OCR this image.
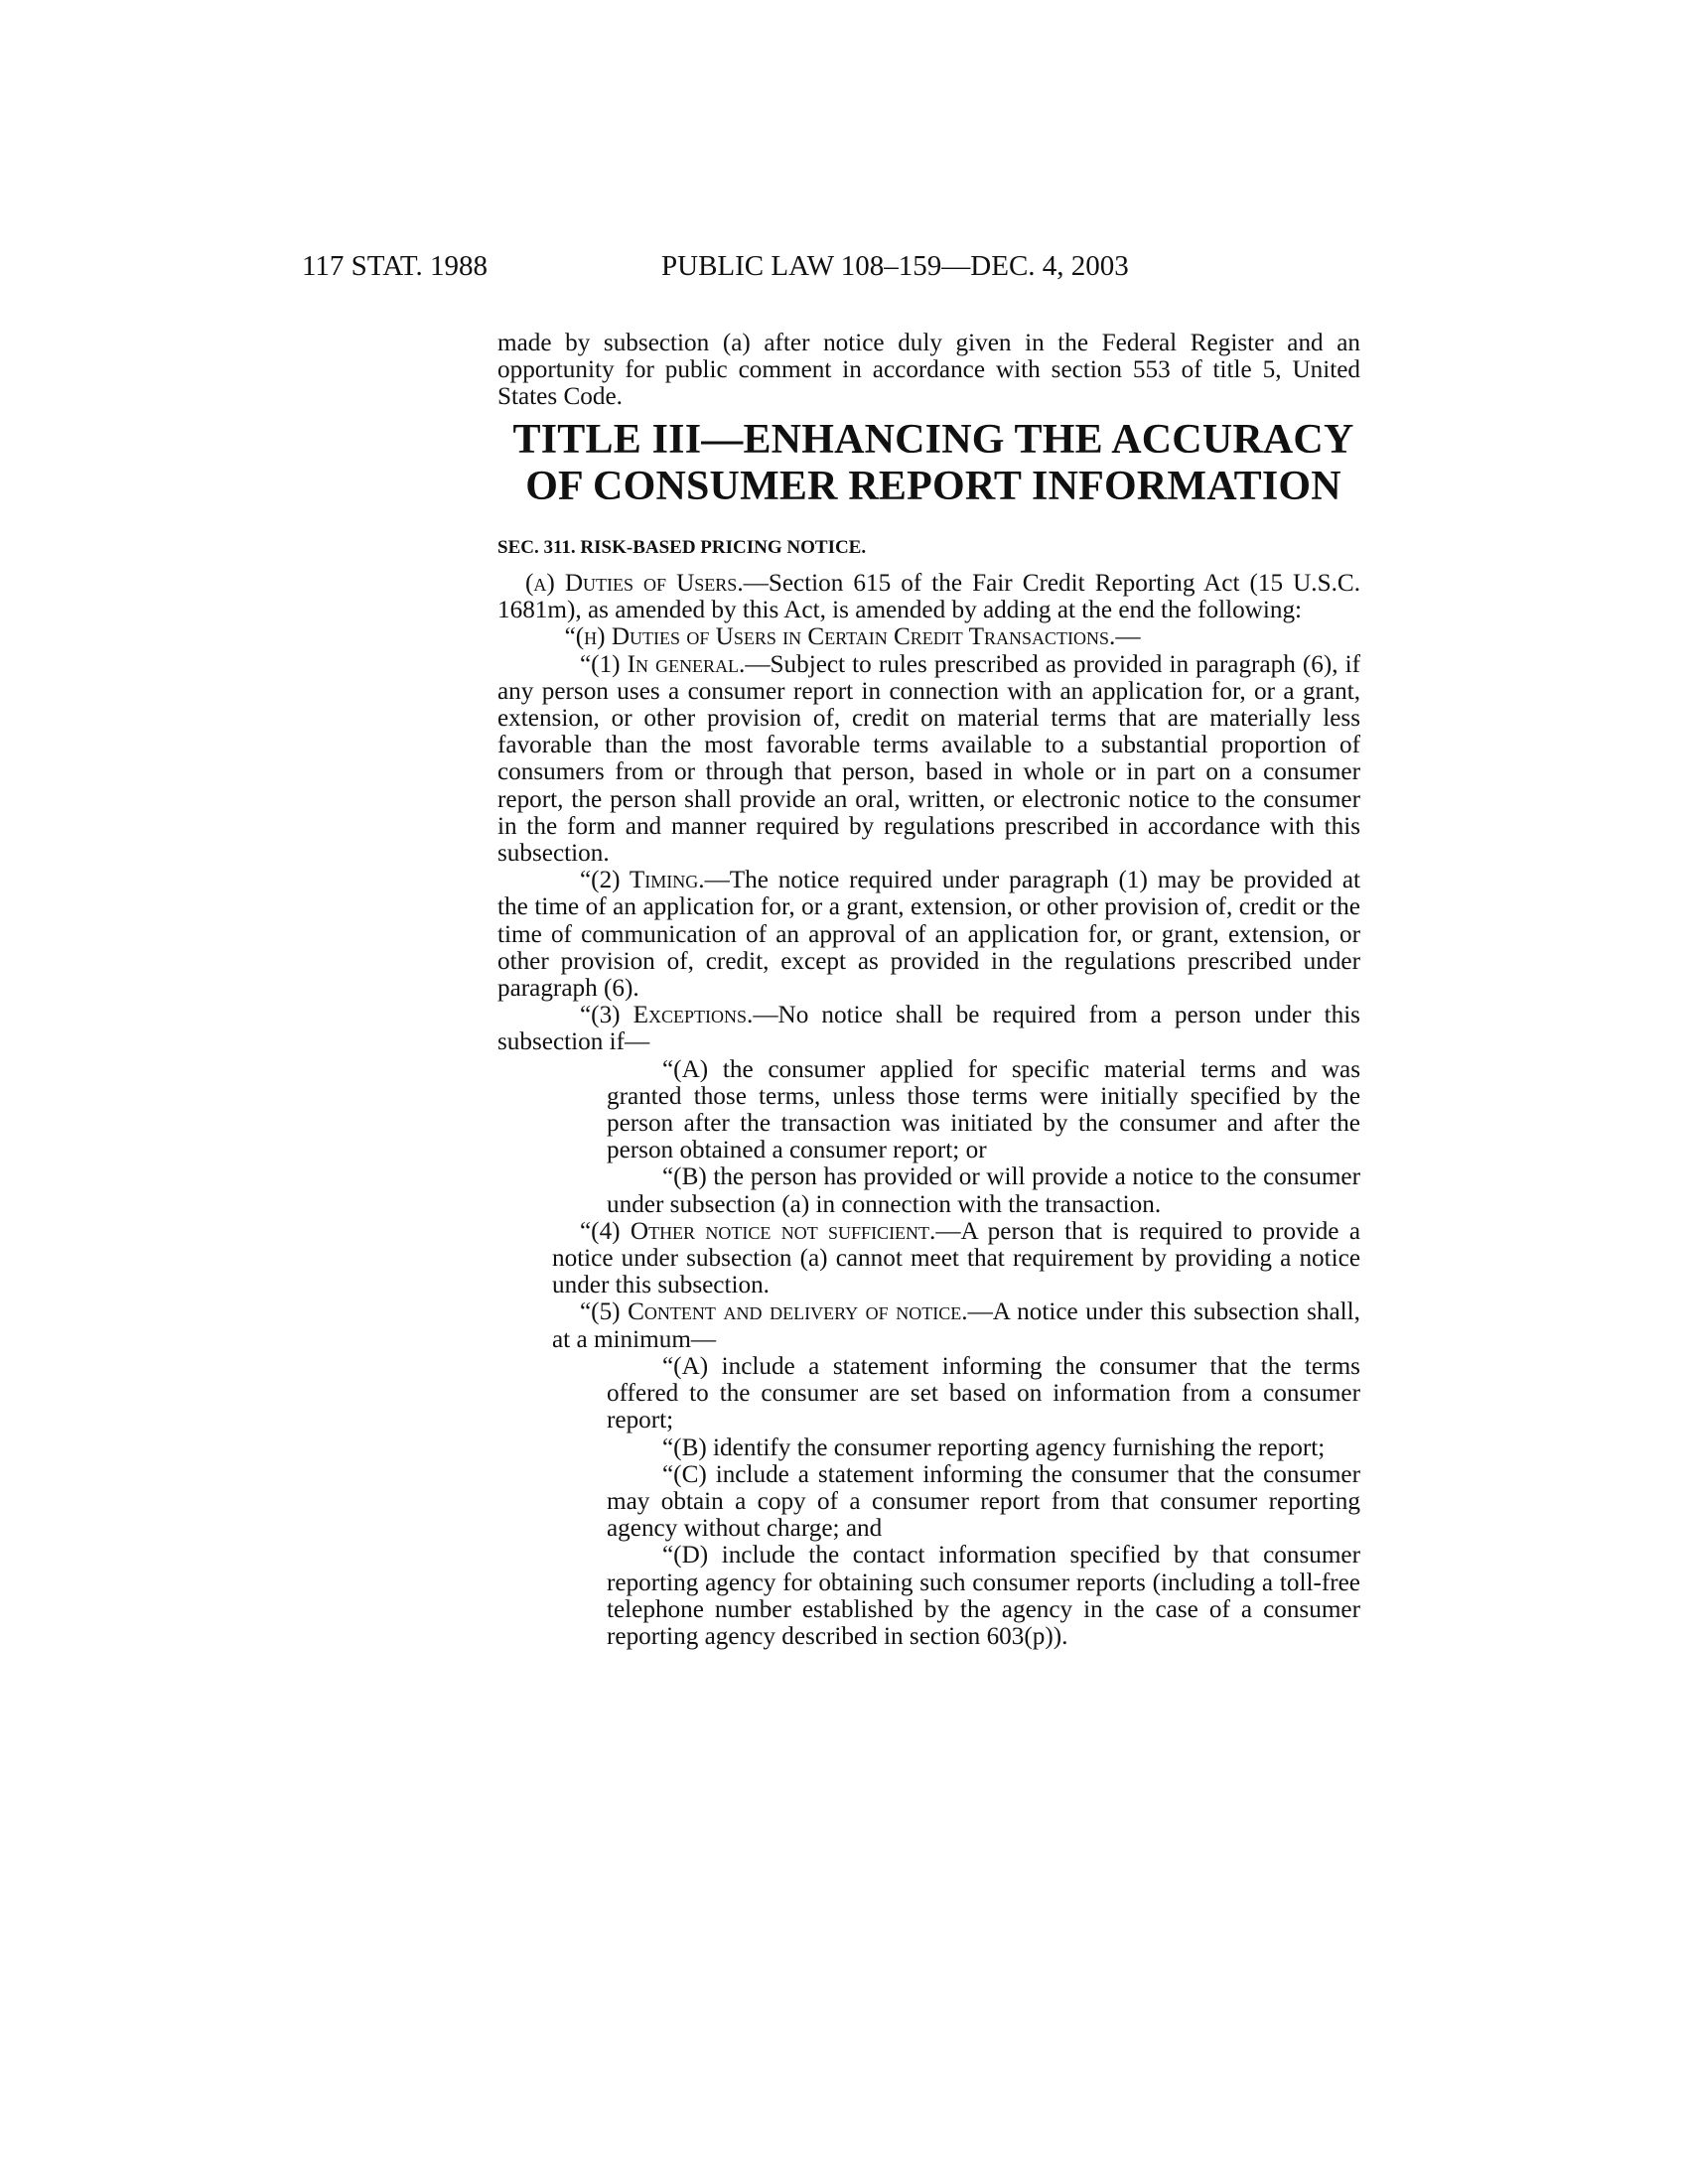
117 STAT. 1988	PUBLIC LAW 108–159—DEC. 4, 2003

made by subsection (a) after notice duly given in the Federal Register and an opportunity for public comment in accordance with section 553 of title 5, United States Code.

TITLE III—ENHANCING THE ACCURACY
OF CONSUMER REPORT INFORMATION
SEC. 311. RISK-BASED PRICING NOTICE.

(a) Duties of Users.—Section 615 of the Fair Credit Reporting Act (15 U.S.C. 1681m), as amended by this Act, is amended by adding at the end the following:

“(h) Duties of Users in Certain Credit Transactions.—

“(1) In general.—Subject to rules prescribed as provided in paragraph (6), if any person uses a consumer report in connection with an application for, or a grant, extension, or other provision of, credit on material terms that are materially less favorable than the most favorable terms available to a substantial proportion of consumers from or through that person, based in whole or in part on a consumer report, the person shall provide an oral, written, or electronic notice to the consumer in the form and manner required by regulations prescribed in accordance with this subsection.

“(2) Timing.—The notice required under paragraph (1) may be provided at the time of an application for, or a grant, extension, or other provision of, credit or the time of communication of an approval of an application for, or grant, extension, or other provision of, credit, except as provided in the regulations prescribed under paragraph (6).

“(3) Exceptions.—No notice shall be required from a person under this subsection if—

“(A) the consumer applied for specific material terms and was granted those terms, unless those terms were initially specified by the person after the transaction was initiated by the consumer and after the person obtained a consumer report; or

“(B) the person has provided or will provide a notice to the consumer under subsection (a) in connection with the transaction.

“(4) Other notice not sufficient.—A person that is required to provide a notice under subsection (a) cannot meet that requirement by providing a notice under this subsection.

“(5) Content and delivery of notice.—A notice under this subsection shall, at a minimum—

“(A) include a statement informing the consumer that the terms offered to the consumer are set based on information from a consumer report;

“(B) identify the consumer reporting agency furnishing the report;

“(C) include a statement informing the consumer that the consumer may obtain a copy of a consumer report from that consumer reporting agency without charge; and

“(D) include the contact information specified by that consumer reporting agency for obtaining such consumer reports (including a toll-free telephone number established by the agency in the case of a consumer reporting agency described in section 603(p)).
